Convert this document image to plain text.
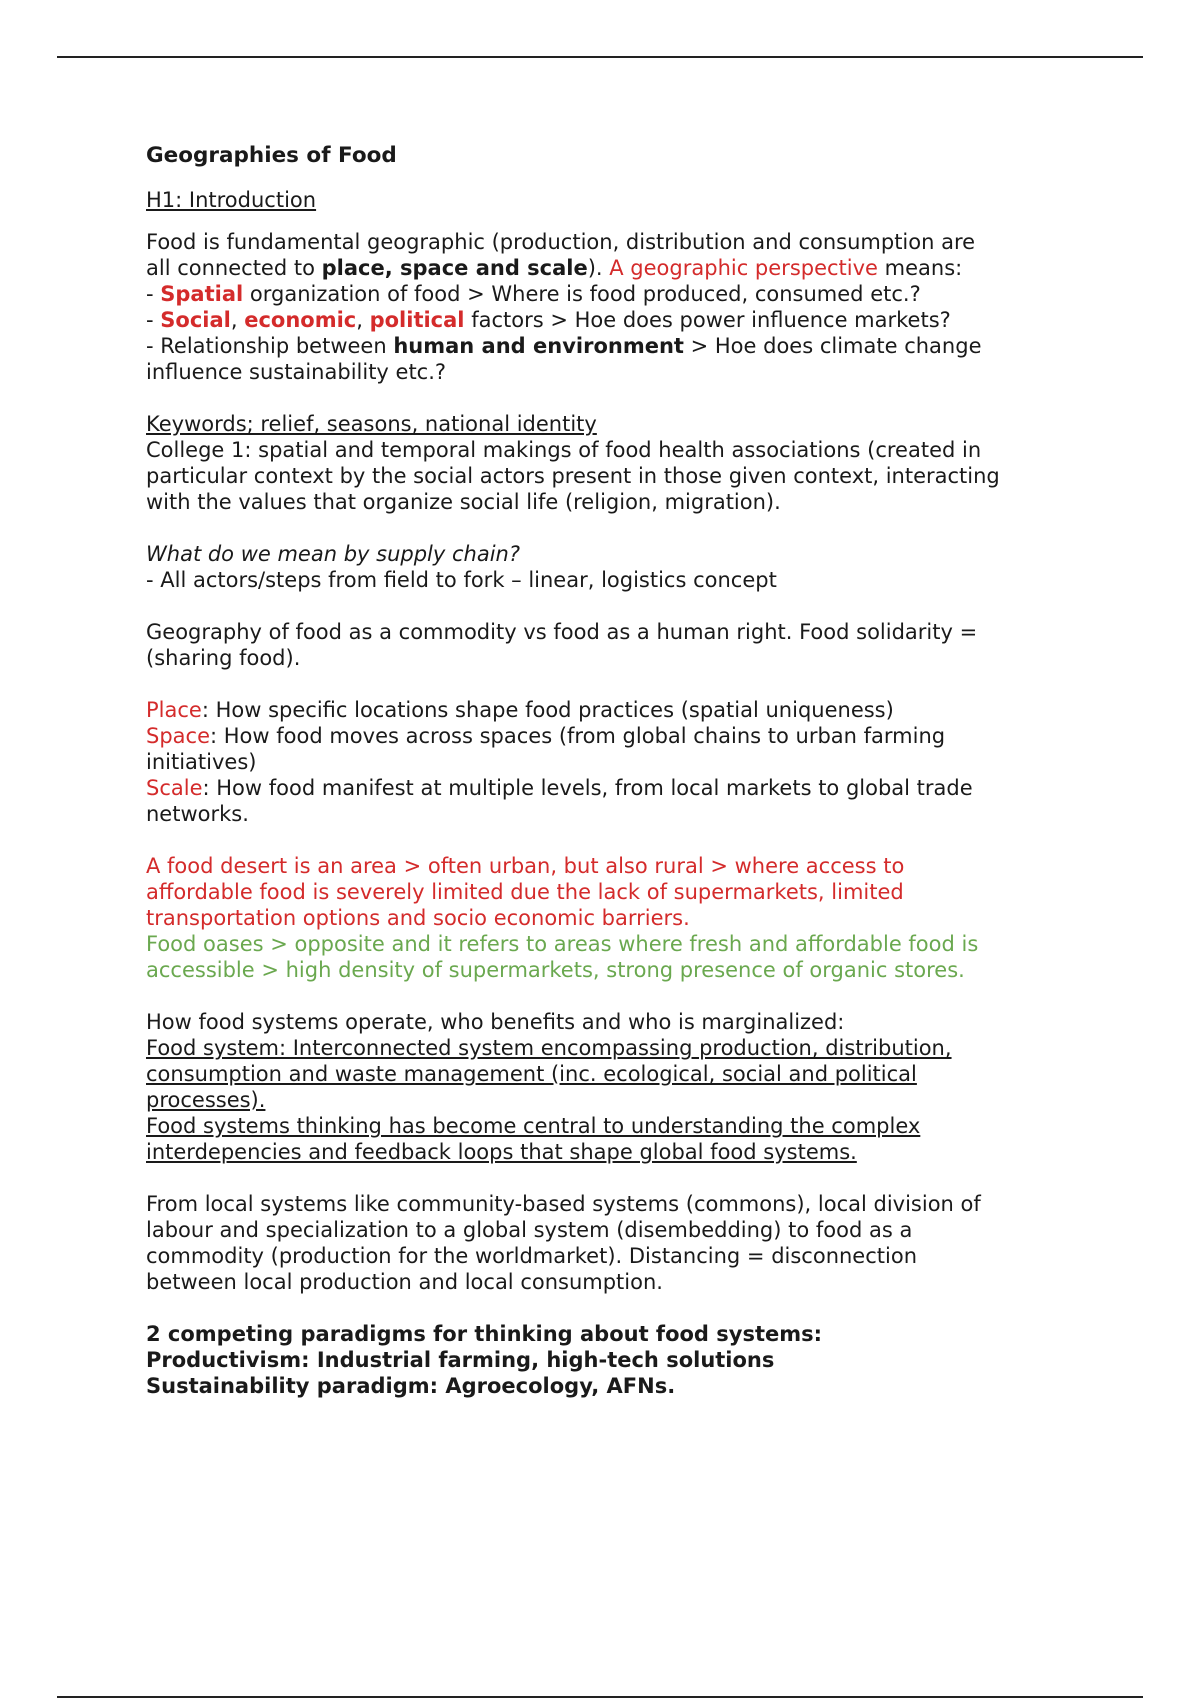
Geographies of Food

H1: Introduction

Food is fundamental geographic (production, distribution and consumption are

all connected to place, space and scale). A geographic perspective means:

- Spatial organization of food > Where is food produced, consumed etc.?

- Social, economic, political factors > Hoe does power influence markets?

- Relationship between human and environment > Hoe does climate change

influence sustainability etc.?

Keywords; relief, seasons, national identity

College 1: spatial and temporal makings of food health associations (created in

particular context by the social actors present in those given context, interacting

with the values that organize social life (religion, migration).

What do we mean by supply chain?

- All actors/steps from field to fork – linear, logistics concept

Geography of food as a commodity vs food as a human right. Food solidarity =

(sharing food).

Place: How specific locations shape food practices (spatial uniqueness)

Space: How food moves across spaces (from global chains to urban farming

initiatives)

Scale: How food manifest at multiple levels, from local markets to global trade

networks.

A food desert is an area > often urban, but also rural > where access to

affordable food is severely limited due the lack of supermarkets, limited

transportation options and socio economic barriers.

Food oases > opposite and it refers to areas where fresh and affordable food is

accessible > high density of supermarkets, strong presence of organic stores.

How food systems operate, who benefits and who is marginalized:

Food system: Interconnected system encompassing production, distribution,

consumption and waste management (inc. ecological, social and political

processes).

Food systems thinking has become central to understanding the complex

interdepencies and feedback loops that shape global food systems.

From local systems like community-based systems (commons), local division of

labour and specialization to a global system (disembedding) to food as a

commodity (production for the worldmarket). Distancing = disconnection

between local production and local consumption.

2 competing paradigms for thinking about food systems:

Productivism: Industrial farming, high-tech solutions

Sustainability paradigm: Agroecology, AFNs.
